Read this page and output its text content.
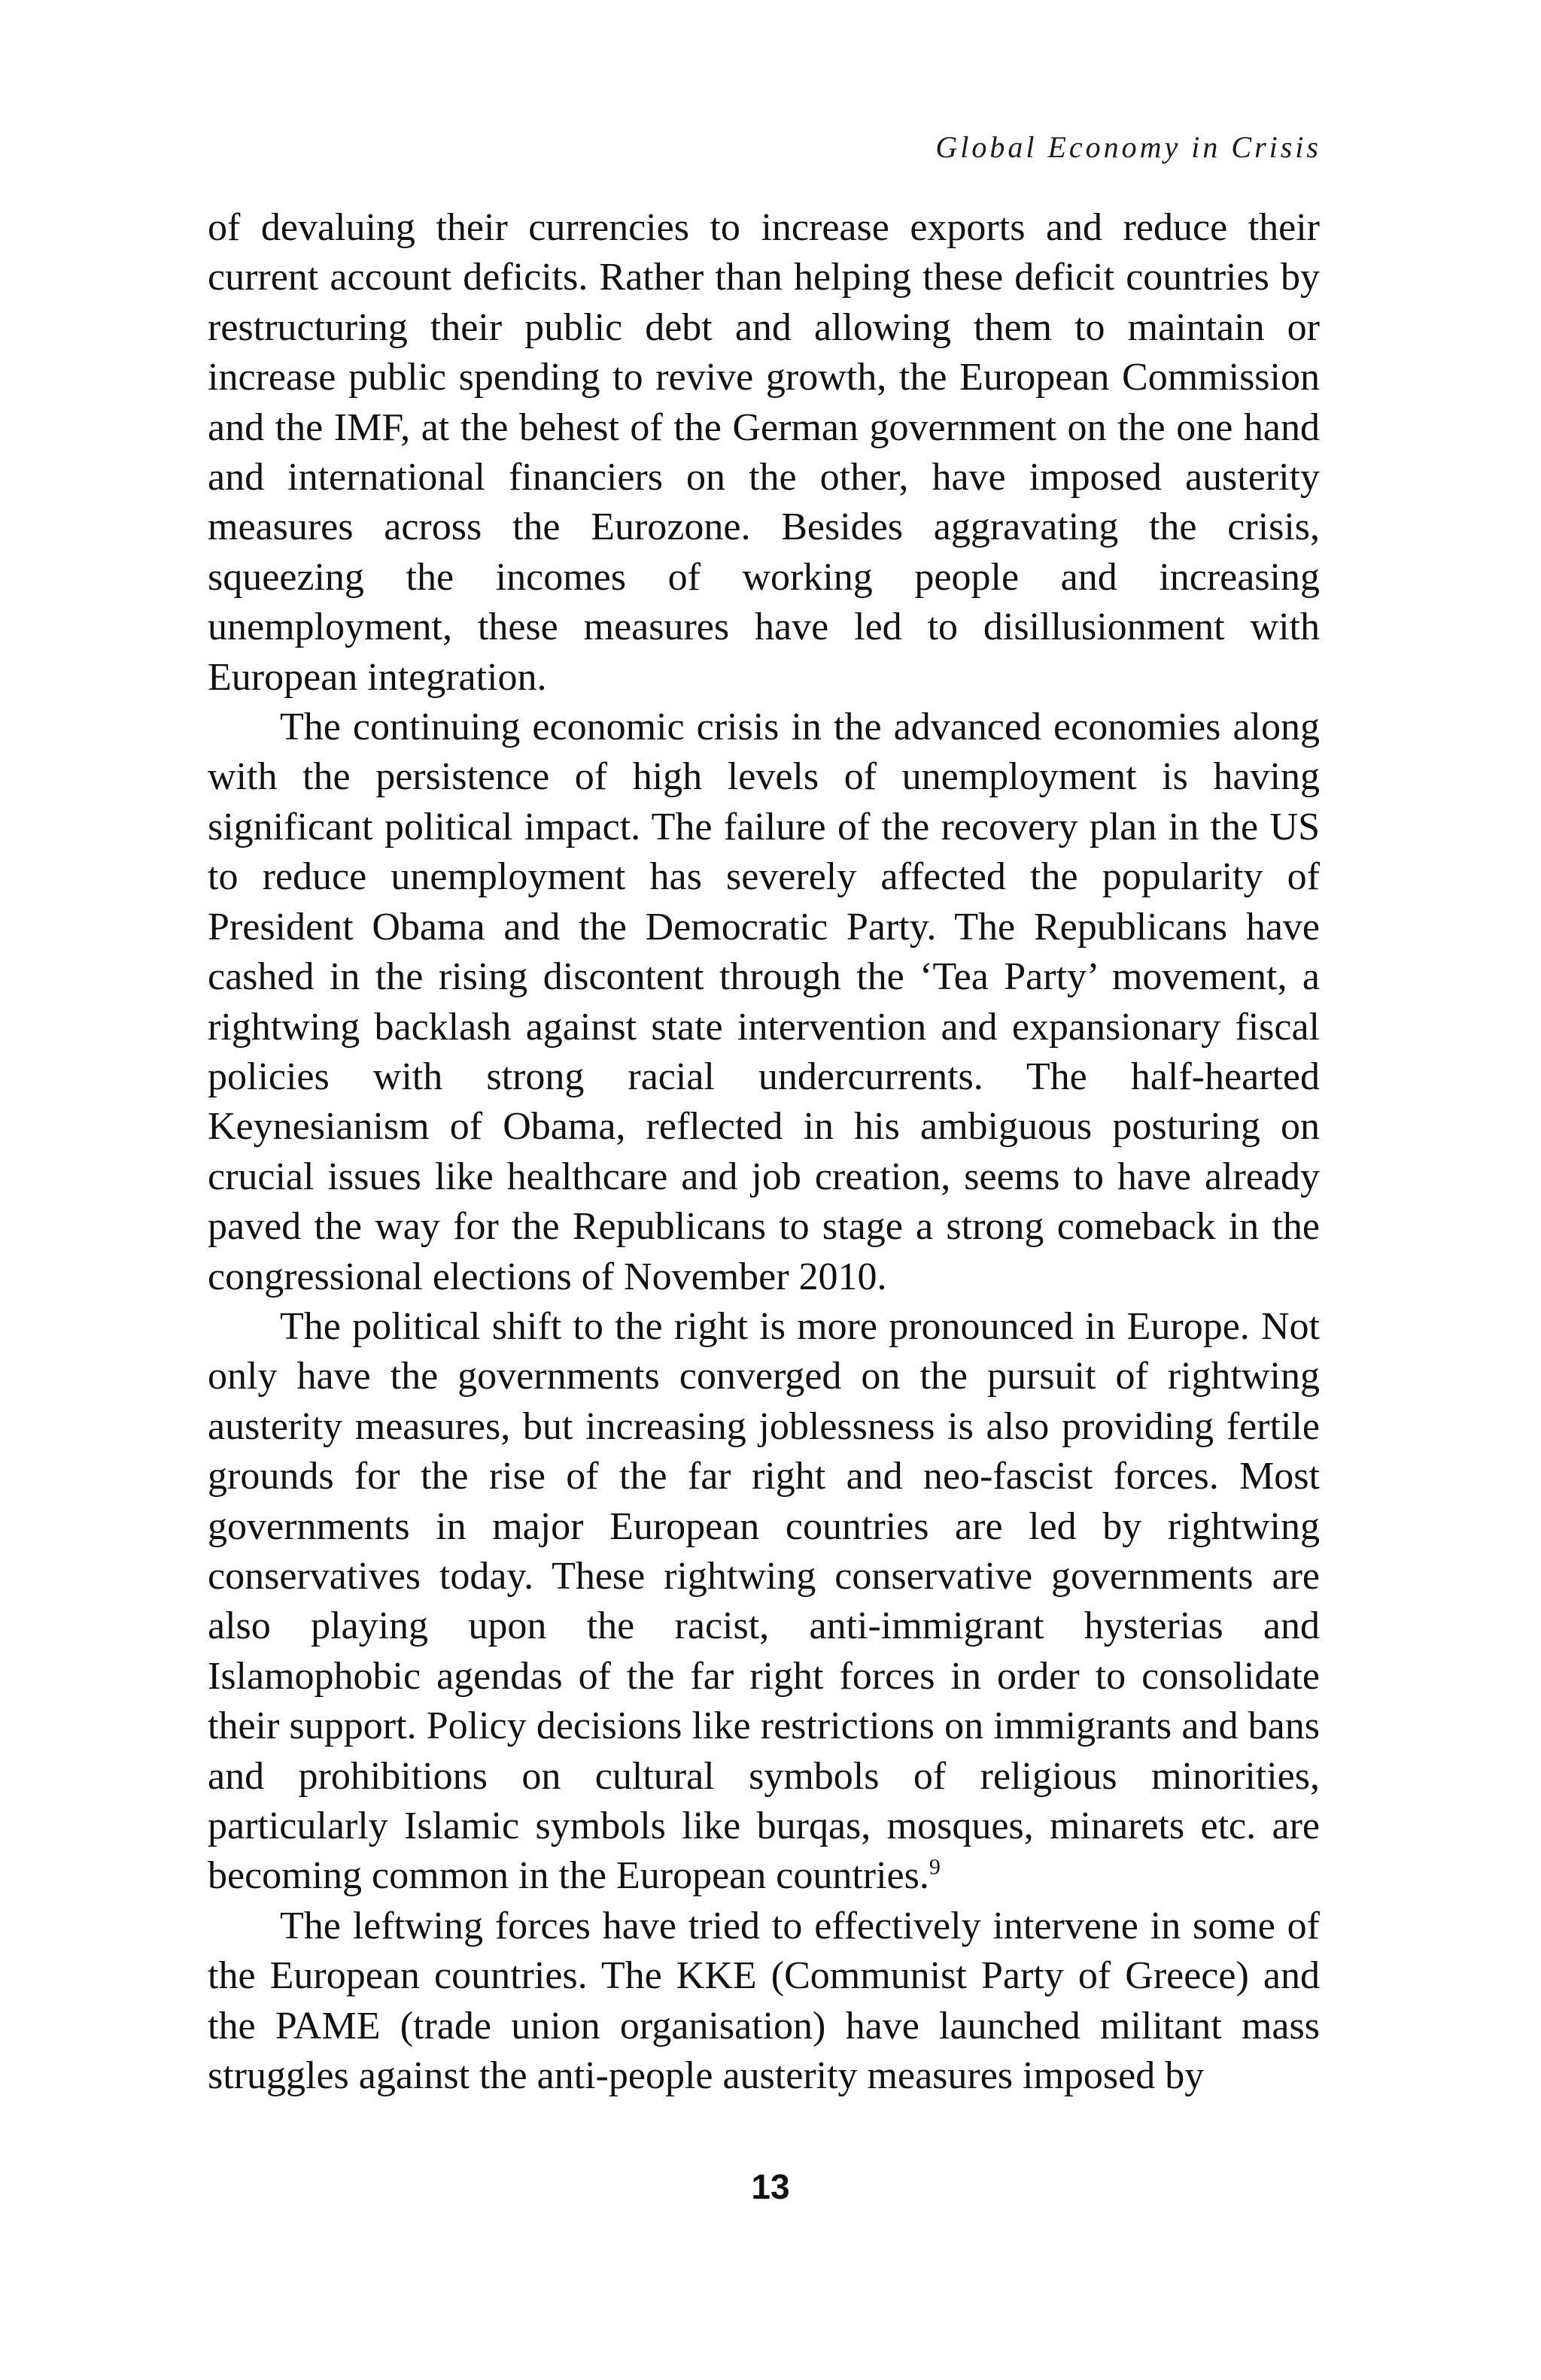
Global Economy in Crisis

of devaluing their currencies to increase exports and reduce their current account deficits. Rather than helping these deficit countries by restructuring their public debt and allowing them to maintain or increase public spending to revive growth, the European Commission and the IMF, at the behest of the German government on the one hand and international financiers on the other, have imposed austerity measures across the Eurozone. Besides aggravating the crisis, squeezing the incomes of working people and increasing unemployment, these measures have led to disillusionment with European integration.

The continuing economic crisis in the advanced economies along with the persistence of high levels of unemployment is having significant political impact. The failure of the recovery plan in the US to reduce unemployment has severely affected the popularity of President Obama and the Democratic Party. The Republicans have cashed in the rising discontent through the ‘Tea Party’ movement, a rightwing backlash against state intervention and expansionary fiscal policies with strong racial undercurrents. The half-hearted Keynesianism of Obama, reflected in his ambiguous posturing on crucial issues like healthcare and job creation, seems to have already paved the way for the Republicans to stage a strong comeback in the congressional elections of November 2010.

The political shift to the right is more pronounced in Europe. Not only have the governments converged on the pursuit of rightwing austerity measures, but increasing joblessness is also providing fertile grounds for the rise of the far right and neo-fascist forces. Most governments in major European countries are led by rightwing conservatives today. These rightwing conservative governments are also playing upon the racist, anti-immigrant hysterias and Islamophobic agendas of the far right forces in order to consolidate their support. Policy decisions like restrictions on immigrants and bans and prohibitions on cultural symbols of religious minorities, particularly Islamic symbols like burqas, mosques, minarets etc. are becoming common in the European countries.$^9$

The leftwing forces have tried to effectively intervene in some of the European countries. The KKE (Communist Party of Greece) and the PAME (trade union organisation) have launched militant mass struggles against the anti-people austerity measures imposed by

13
